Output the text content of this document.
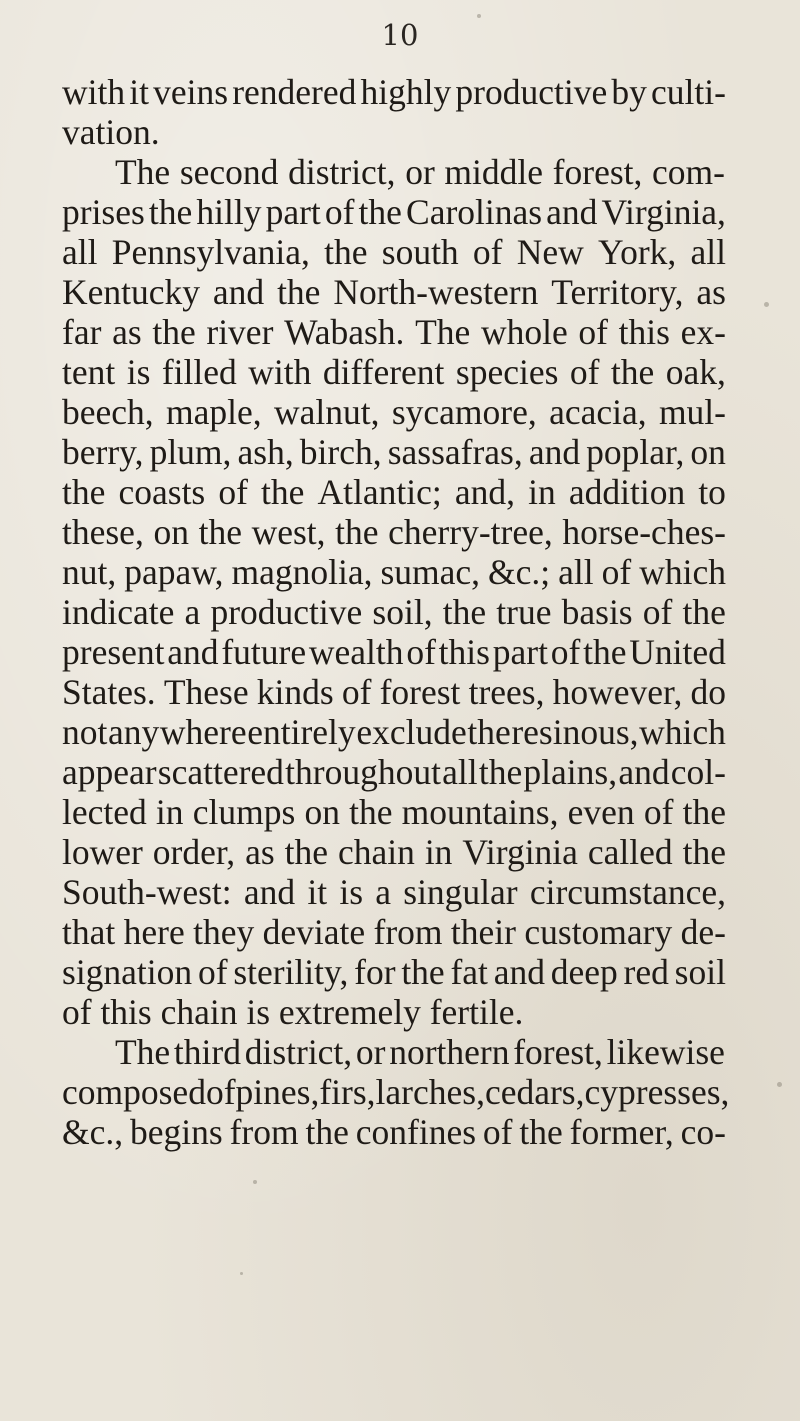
10
with it veins rendered highly productive by culti-
vation.
The second district, or middle forest, com-
prises the hilly part of the Carolinas and Virginia,
all Pennsylvania, the south of New York, all
Kentucky and the North-western Territory, as
far as the river Wabash. The whole of this ex-
tent is filled with different species of the oak,
beech, maple, walnut, sycamore, acacia, mul-
berry, plum, ash, birch, sassafras, and poplar, on
the coasts of the Atlantic; and, in addition to
these, on the west, the cherry-tree, horse-ches-
nut, papaw, magnolia, sumac, &c.; all of which
indicate a productive soil, the true basis of the
present and future wealth of this part of the United
States. These kinds of forest trees, however, do
not any where entirely exclude the resinous, which
appear scattered throughout all the plains, and col-
lected in clumps on the mountains, even of the
lower order, as the chain in Virginia called the
South-west: and it is a singular circumstance,
that here they deviate from their customary de-
signation of sterility, for the fat and deep red soil
of this chain is extremely fertile.
The third district, or northern forest, likewise
composed of pines, firs, larches, cedars, cypresses,
&c., begins from the confines of the former, co-
